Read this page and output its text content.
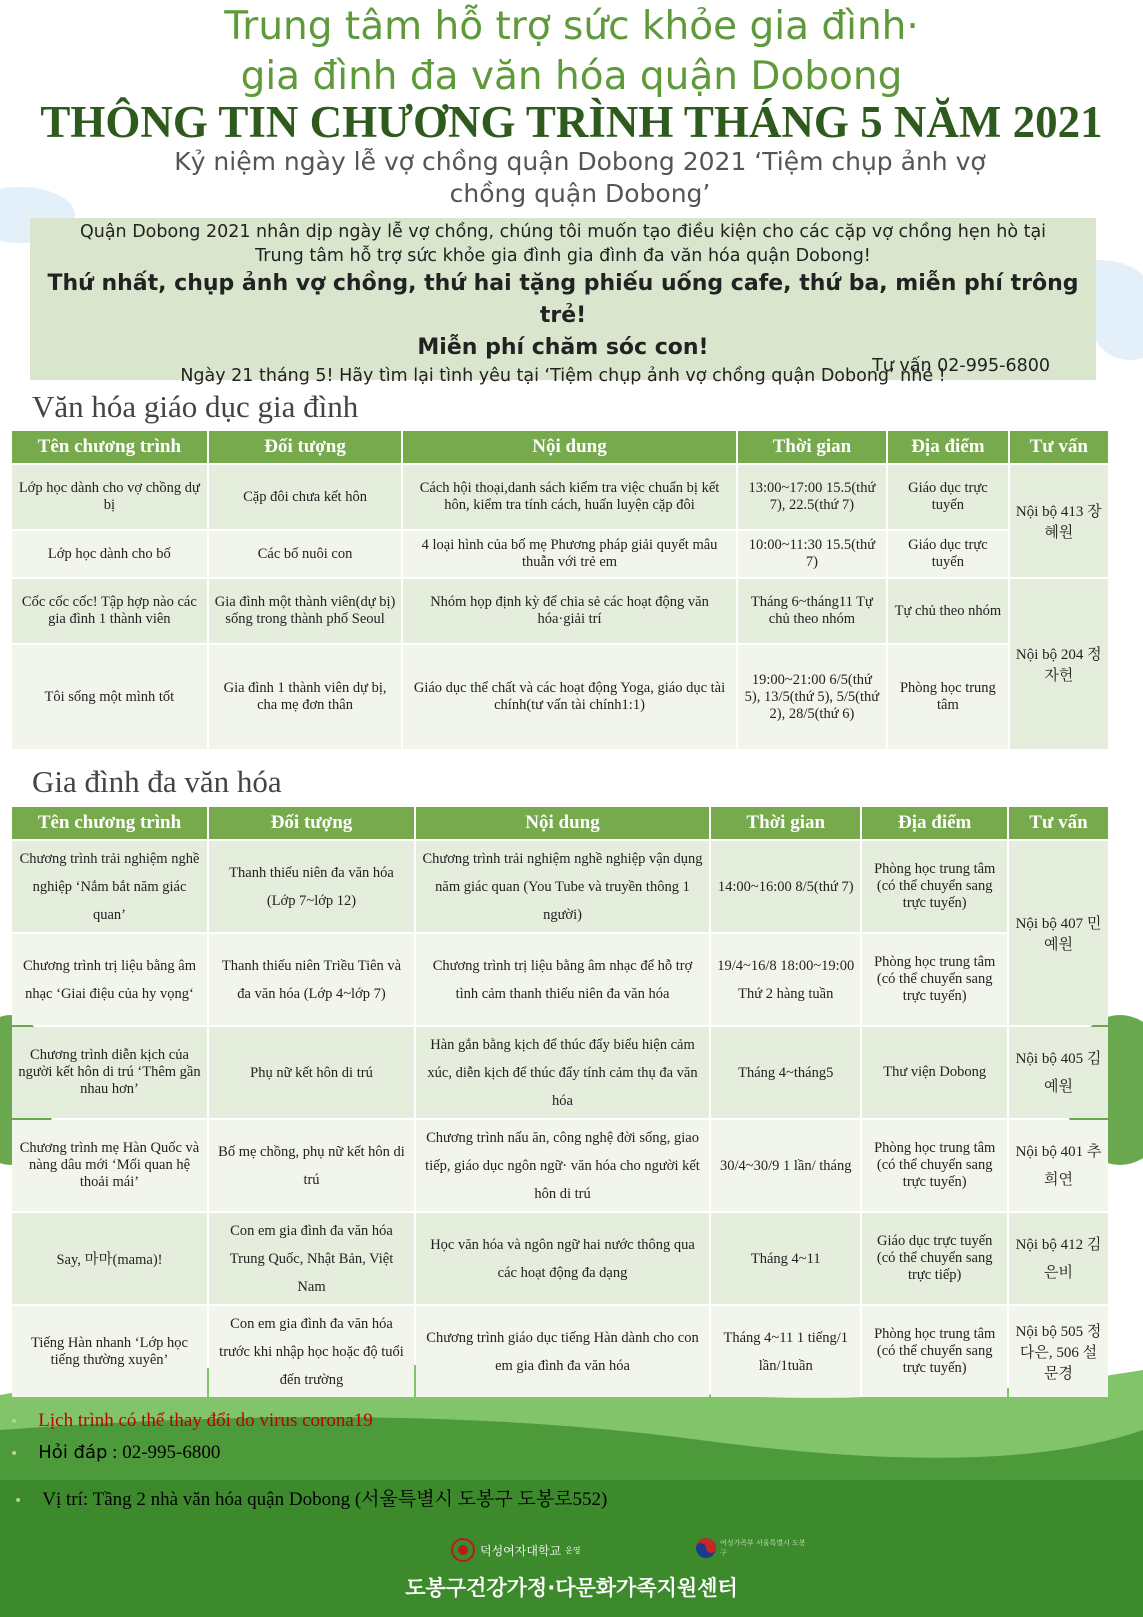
Trung tâm hỗ trợ sức khỏe gia đình·
gia đình đa văn hóa quận Dobong
THÔNG TIN CHƯƠNG TRÌNH THÁNG 5 NĂM 2021
Kỷ niệm ngày lễ vợ chồng quận Dobong 2021 ‘Tiệm chụp ảnh vợ
chồng quận Dobong’
Quận Dobong 2021 nhân dịp ngày lễ vợ chồng, chúng tôi muốn tạo điều kiện cho các cặp vợ chồng hẹn hò tại
Trung tâm hỗ trợ sức khỏe gia đình gia đình đa văn hóa quận Dobong!
Thứ nhất, chụp ảnh vợ chồng, thứ hai tặng phiếu uống cafe, thứ ba, miễn phí trông trẻ!
Miễn phí chăm sóc con!
Ngày 21 tháng 5! Hãy tìm lại tình yêu tại ‘Tiệm chụp ảnh vợ chồng quận Dobong’ nhé !
Tư vấn 02-995-6800
Văn hóa giáo dục gia đình
Tên chương trình	Đối tượng	Nội dung	Thời gian	Địa điểm	Tư vấn
Lớp học dành cho vợ chồng dự bị	Cặp đôi chưa kết hôn	Cách hội thoại,danh sách kiểm tra việc chuẩn bị kết hôn, kiểm tra tính cách, huấn luyện cặp đôi	13:00~17:00 15.5(thứ 7), 22.5(thứ 7)	Giáo dục trực tuyến	Nội bộ 413 장혜원
Lớp học dành cho bố	Các bố nuôi con	4 loại hình của bố mẹ Phương pháp giải quyết mâu thuẫn với trẻ em	10:00~11:30 15.5(thứ 7)	Giáo dục trực tuyến	
Cốc cốc cốc! Tập hợp nào các gia đình 1 thành viên	Gia đình một thành viên(dự bị) sống trong thành phố Seoul	Nhóm họp định kỳ để chia sẻ các hoạt động văn hóa·giải trí	Tháng 6~tháng11 Tự chủ theo nhóm	Tự chủ theo nhóm	Nội bộ 204 정자헌
Tôi sống một mình tốt	Gia đình 1 thành viên dự bị, cha mẹ đơn thân	Giáo dục thể chất và các hoạt động Yoga, giáo dục tài chính(tư vấn tài chính1:1)	19:00~21:00 6/5(thứ 5), 13/5(thứ 5), 5/5(thứ 2), 28/5(thứ 6)	Phòng học trung tâm	
Gia đình đa văn hóa
Tên chương trình	Đối tượng	Nội dung	Thời gian	Địa điểm	Tư vấn
Chương trình trải nghiệm nghề nghiệp ‘Nắm bắt năm giác quan’	Thanh thiếu niên đa văn hóa (Lớp 7~lớp 12)	Chương trình trải nghiệm nghề nghiệp vận dụng năm giác quan (You Tube và truyền thông 1 người)	14:00~16:00 8/5(thứ 7)	Phòng học trung tâm (có thể chuyển sang trực tuyến)	Nội bộ 407 민예원
Chương trình trị liệu bằng âm nhạc ‘Giai điệu của hy vọng‘	Thanh thiếu niên Triều Tiên và đa văn hóa (Lớp 4~lớp 7)	Chương trình trị liệu bằng âm nhạc để hỗ trợ tình cảm thanh thiếu niên đa văn hóa	19/4~16/8 18:00~19:00 Thứ 2 hàng tuần	Phòng học trung tâm (có thể chuyển sang trực tuyến)	
Chương trình diễn kịch của người kết hôn di trú ‘Thêm gần nhau hơn’	Phụ nữ kết hôn di trú	Hàn gắn bằng kịch để thúc đẩy biểu hiện cảm xúc, diễn kịch để thúc đẩy tính cảm thụ đa văn hóa	Tháng 4~tháng5	Thư viện Dobong	Nội bộ 405 김예원
Chương trình mẹ Hàn Quốc và nàng dâu mới ‘Mối quan hệ thoải mái’	Bố mẹ chồng, phụ nữ kết hôn di trú	Chương trình nấu ăn, công nghệ đời sống, giao tiếp, giáo dục ngôn ngữ· văn hóa cho người kết hôn di trú	30/4~30/9 1 lần/ tháng	Phòng học trung tâm (có thể chuyển sang trực tuyến)	Nội bộ 401 추희연
Say, 마마(mama)!	Con em gia đình đa văn hóa Trung Quốc, Nhật Bản, Việt Nam	Học văn hóa và ngôn ngữ hai nước thông qua các hoạt động đa dạng	Tháng 4~11	Giáo dục trực tuyến (có thể chuyển sang trực tiếp)	Nội bộ 412 김은비
Tiếng Hàn nhanh ‘Lớp học tiếng thường xuyên’	Con em gia đình đa văn hóa trước khi nhập học hoặc độ tuổi đến trường	Chương trình giáo dục tiếng Hàn dành cho con em gia đình đa văn hóa	Tháng 4~11 1 tiếng/1 lần/1tuần	Phòng học trung tâm (có thể chuyển sang trực tuyến)	Nội bộ 505 정다은, 506 설문경
• Lịch trình có thể thay đổi do virus corona19
• Hỏi đáp : 02-995-6800
• Vị trí: Tầng 2 nhà văn hóa quận Dobong (서울특별시 도봉구 도봉로552)
덕성여자대학교 운영
여성가족부 서울특별시 도봉구
도봉구건강가정·다문화가족지원센터
